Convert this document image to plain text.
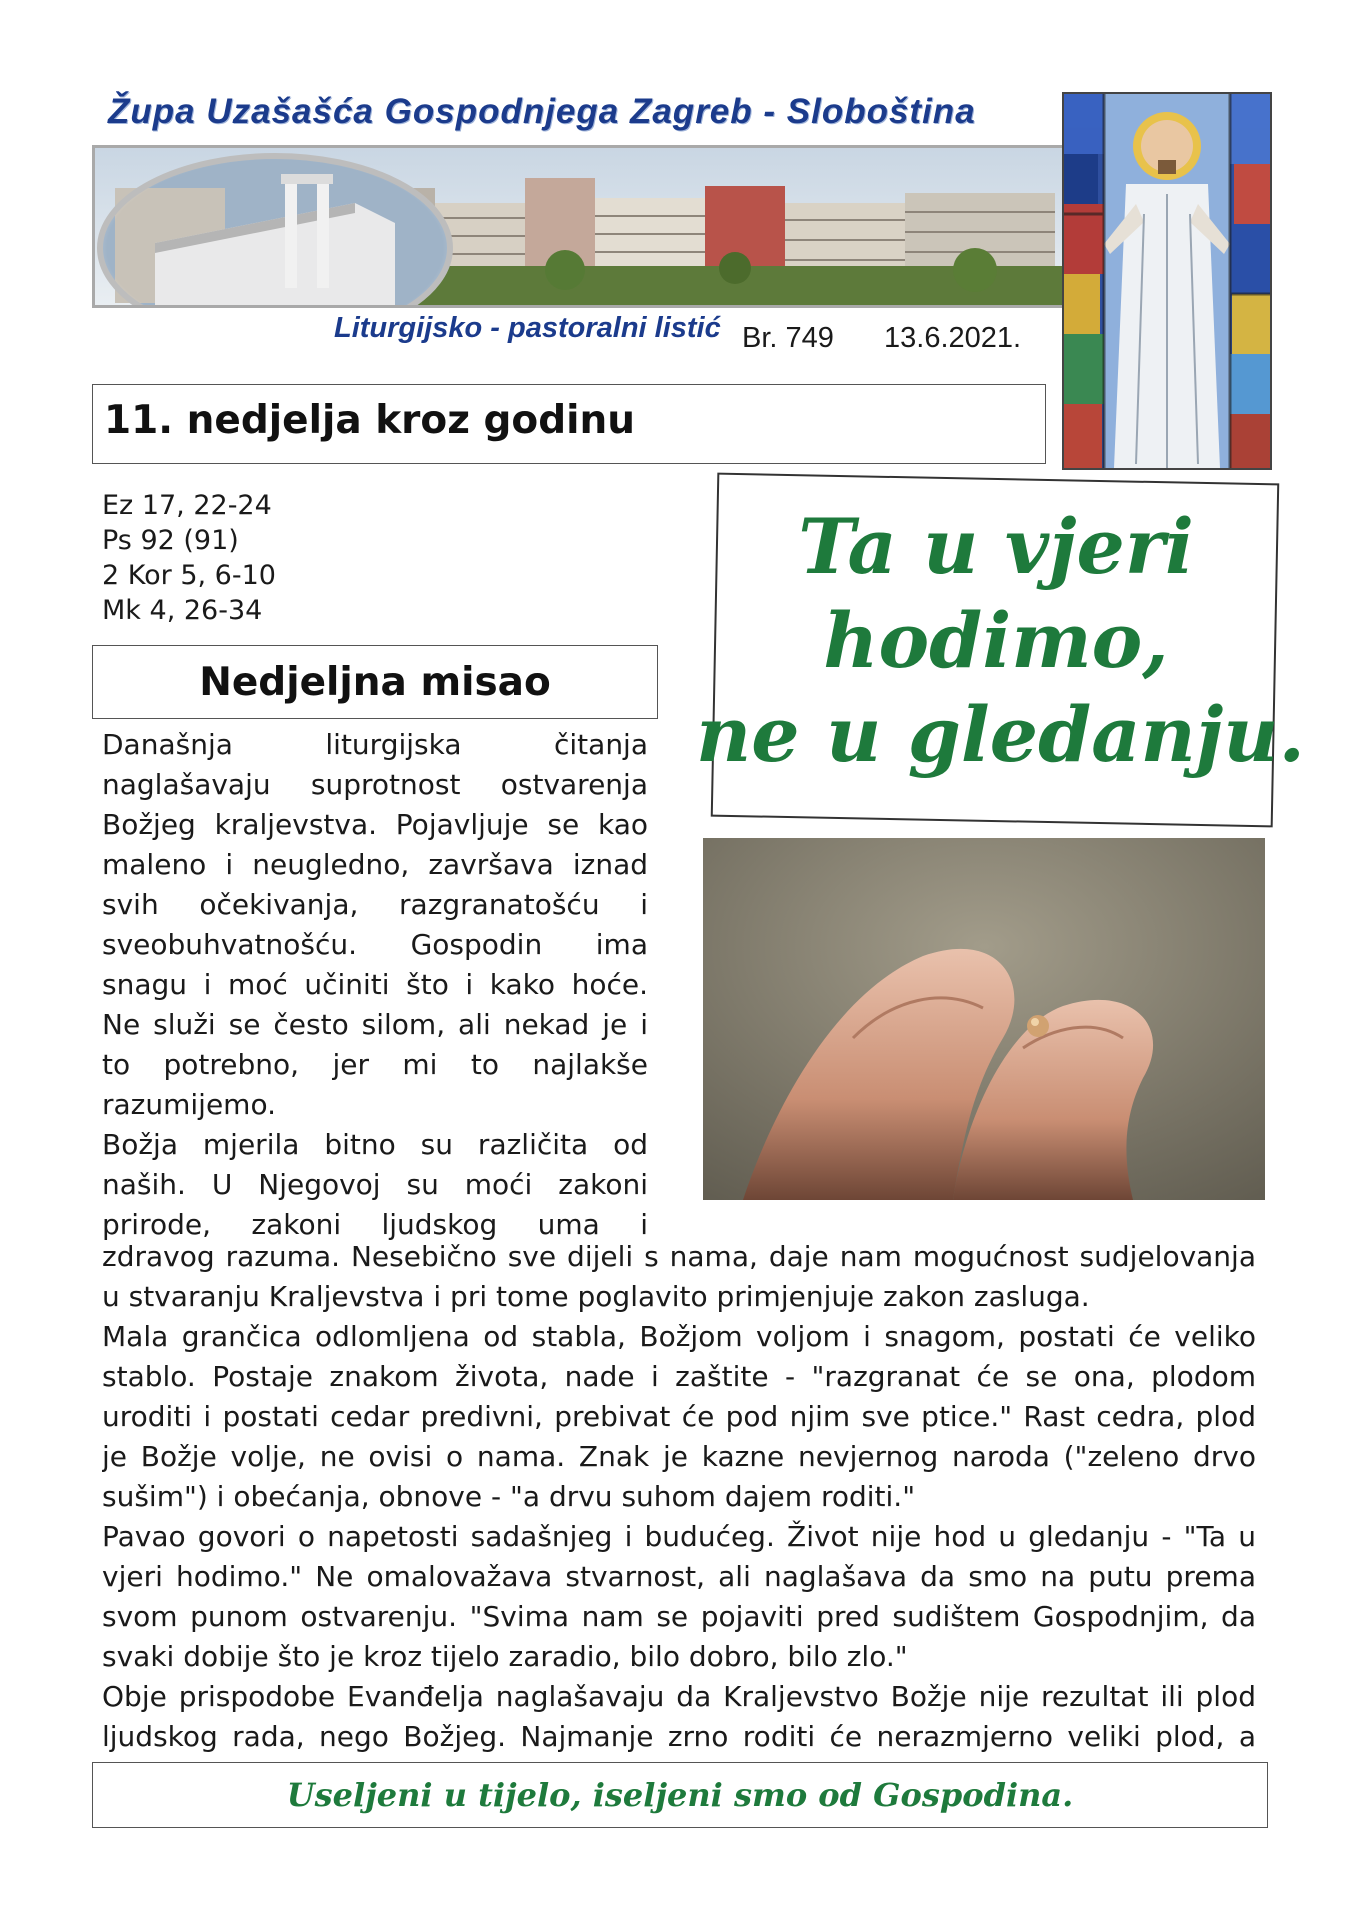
Župa Uzašašća Gospodnjega Zagreb - Sloboština
Liturgijsko - pastoralni listić Br. 749 13.6.2021.
11. nedjelja kroz godinu
Ez 17, 22-24
Ps 92 (91)
2 Kor 5, 6-10
Mk 4, 26-34
Nedjeljna misao
Ta u vjeri
hodimo,
ne u gledanju.
Današnja liturgijska čitanja
naglašavaju suprotnost ostvarenja
Božjeg kraljevstva. Pojavljuje se kao
maleno i neugledno, završava iznad
svih očekivanja, razgranatošću i
sveobuhvatnošću. Gospodin ima
snagu i moć učiniti što i kako hoće.
Ne služi se često silom, ali nekad je i
to potrebno, jer mi to najlakše
razumijemo.
Božja mjerila bitno su različita od
naših. U Njegovoj su moći zakoni
prirode, zakoni ljudskog uma i
zdravog razuma. Nesebično sve dijeli s nama, daje nam mogućnost sudjelovanja
u stvaranju Kraljevstva i pri tome poglavito primjenjuje zakon zasluga.
Mala grančica odlomljena od stabla, Božjom voljom i snagom, postati će veliko
stablo. Postaje znakom života, nade i zaštite - "razgranat će se ona, plodom
uroditi i postati cedar predivni, prebivat će pod njim sve ptice." Rast cedra, plod
je Božje volje, ne ovisi o nama. Znak je kazne nevjernog naroda ("zeleno drvo
sušim") i obećanja, obnove - "a drvu suhom dajem roditi."
Pavao govori o napetosti sadašnjeg i budućeg. Život nije hod u gledanju - "Ta u
vjeri hodimo." Ne omalovažava stvarnost, ali naglašava da smo na putu prema
svom punom ostvarenju. "Svima nam se pojaviti pred sudištem Gospodnjim, da
svaki dobije što je kroz tijelo zaradio, bilo dobro, bilo zlo."
Obje prispodobe Evanđelja naglašavaju da Kraljevstvo Božje nije rezultat ili plod
ljudskog rada, nego Božjeg. Najmanje zrno roditi će nerazmjerno veliki plod, a
Useljeni u tijelo, iseljeni smo od Gospodina.
